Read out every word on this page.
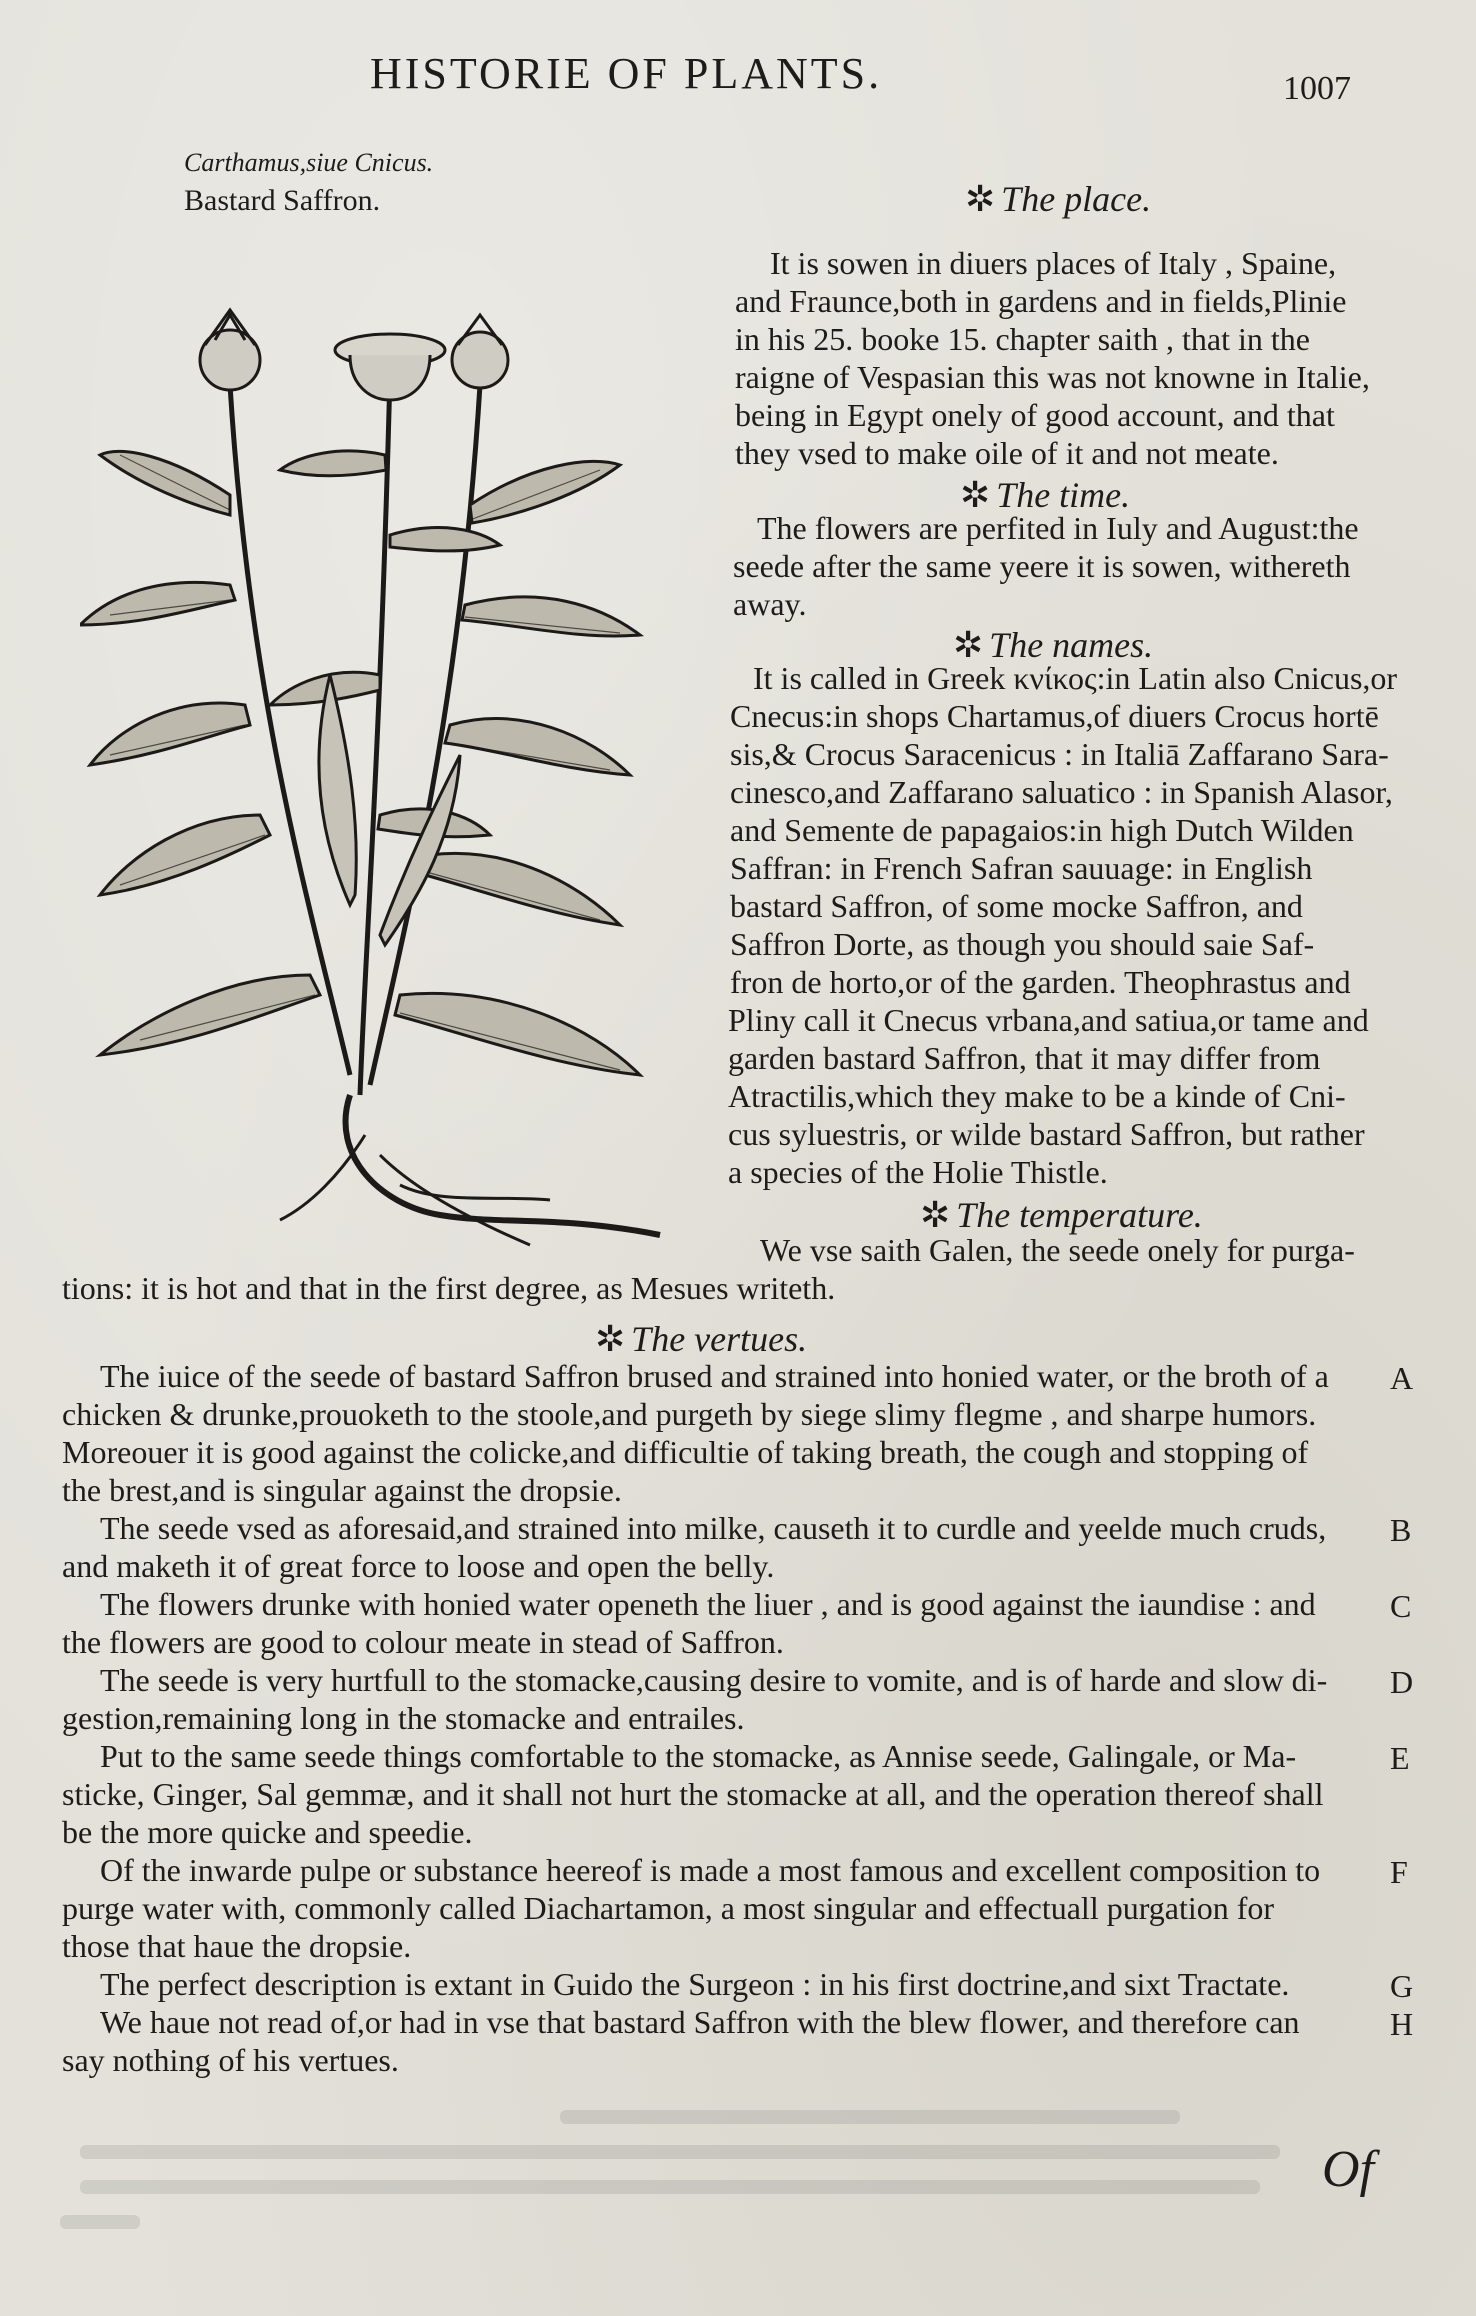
HISTORIE OF PLANTS.	1007
Carthamus,siue Cnicus.
Bastard Saffron.	✲ The place.
It is sowen in diuers places of Italy , Spaine,
and Fraunce,both in gardens and in fields,Plinie
in his 25. booke 15. chapter saith , that in the
raigne of Vespasian this was not knowne in Italie,
being in Egypt onely of good account, and that
they vsed to make oile of it and not meate.
✲ The time.
The flowers are perfited in Iuly and August:the
seede after the same yeere it is sowen, withereth
away.
✲ The names.
It is called in Greek κνίκος:in Latin also Cnicus,or
Cnecus:in shops Chartamus,of diuers Crocus hortē
sis,& Crocus Saracenicus : in Italiā Zaffarano Sara-
cinesco,and Zaffarano saluatico : in Spanish Alasor,
and Semente de papagaios:in high Dutch Wilden
Saffran: in French Safran sauuage: in English
bastard Saffron, of some mocke Saffron, and
Saffron Dorte, as though you should saie Saf-
fron de horto,or of the garden. Theophrastus and
Pliny call it Cnecus vrbana,and satiua,or tame and
garden bastard Saffron, that it may differ from
Atractilis,which they make to be a kinde of Cni-
cus syluestris, or wilde bastard Saffron, but rather
a species of the Holie Thistle.
✲ The temperature.
We vse saith Galen, the seede onely for purga-
tions: it is hot and that in the first degree, as Mesues writeth.
✲ The vertues.
The iuice of the seede of bastard Saffron brused and strained into honied water, or the broth of a
chicken & drunke,prouoketh to the stoole,and purgeth by siege slimy flegme , and sharpe humors.
Moreouer it is good against the colicke,and difficultie of taking breath, the cough and stopping of
the brest,and is singular against the dropsie.
The seede vsed as aforesaid,and strained into milke, causeth it to curdle and yeelde much cruds,
and maketh it of great force to loose and open the belly.
The flowers drunke with honied water openeth the liuer , and is good against the iaundise : and
the flowers are good to colour meate in stead of Saffron.
The seede is very hurtfull to the stomacke,causing desire to vomite, and is of harde and slow di-
gestion,remaining long in the stomacke and entrailes.
Put to the same seede things comfortable to the stomacke, as Annise seede, Galingale, or Ma-
sticke, Ginger, Sal gemmæ, and it shall not hurt the stomacke at all, and the operation thereof shall
be the more quicke and speedie.
Of the inwarde pulpe or substance heereof is made a most famous and excellent composition to
purge water with, commonly called Diachartamon, a most singular and effectuall purgation for
those that haue the dropsie.
The perfect description is extant in Guido the Surgeon : in his first doctrine,and sixt Tractate.
We haue not read of,or had in vse that bastard Saffron with the blew flower, and therefore can
say nothing of his vertues.
A
B
C
D
E
F
G
H
Of
